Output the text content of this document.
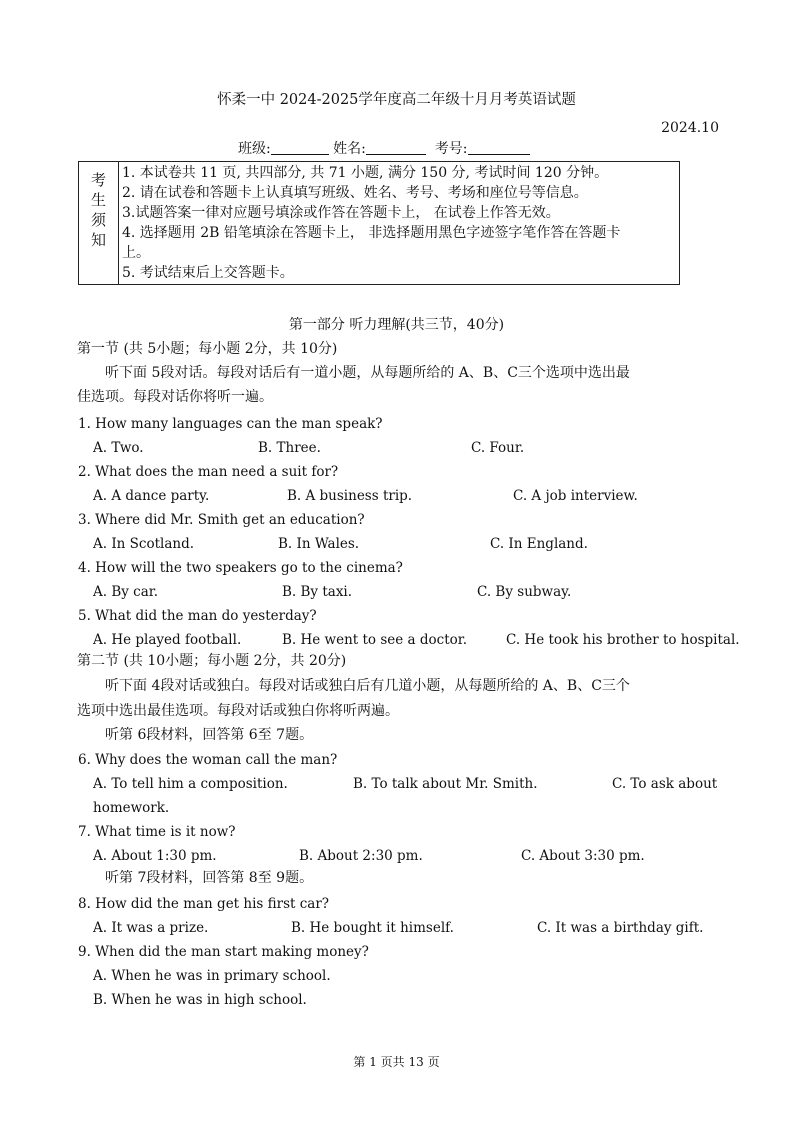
怀柔一中 2024-2025学年度高二年级十月月考英语试题
2024.10
班级:	姓名:	考号:
考生须知
1. 本试卷共 11 页, 共四部分, 共 71 小题, 满分 150 分, 考试时间 120 分钟。
2. 请在试卷和答题卡上认真填写班级、姓名、考号、考场和座位号等信息。
3.试题答案一律对应题号填涂或作答在答题卡上， 在试卷上作答无效。
4. 选择题用 2B 铅笔填涂在答题卡上， 非选择题用黑色字迹签字笔作答在答题卡
上。
5. 考试结束后上交答题卡。
第一部分 听力理解(共三节，40分)
第一节 (共 5小题；每小题 2分，共 10分)
听下面 5段对话。每段对话后有一道小题，从每题所给的 A、B、C三个选项中选出最
佳选项。每段对话你将听一遍。
1. How many languages can the man speak?
A. Two.	B. Three.	C. Four.
2. What does the man need a suit for?
A. A dance party.	B. A business trip.	C. A job interview.
3. Where did Mr. Smith get an education?
A. In Scotland.	B. In Wales.	C. In England.
4. How will the two speakers go to the cinema?
A. By car.	B. By taxi.	C. By subway.
5. What did the man do yesterday?
A. He played football.	B. He went to see a doctor.	C. He took his brother to hospital.
第二节 (共 10小题；每小题 2分，共 20分)
听下面 4段对话或独白。每段对话或独白后有几道小题，从每题所给的 A、B、C三个
选项中选出最佳选项。每段对话或独白你将听两遍。
听第 6段材料，回答第 6至 7题。
6. Why does the woman call the man?
A. To tell him a composition.	B. To talk about Mr. Smith.	C. To ask about
homework.
7. What time is it now?
A. About 1:30 pm.	B. About 2:30 pm.	C. About 3:30 pm.
听第 7段材料，回答第 8至 9题。
8. How did the man get his first car?
A. It was a prize.	B. He bought it himself.	C. It was a birthday gift.
9. When did the man start making money?
A. When he was in primary school.
B. When he was in high school.
第 1 页共 13 页
